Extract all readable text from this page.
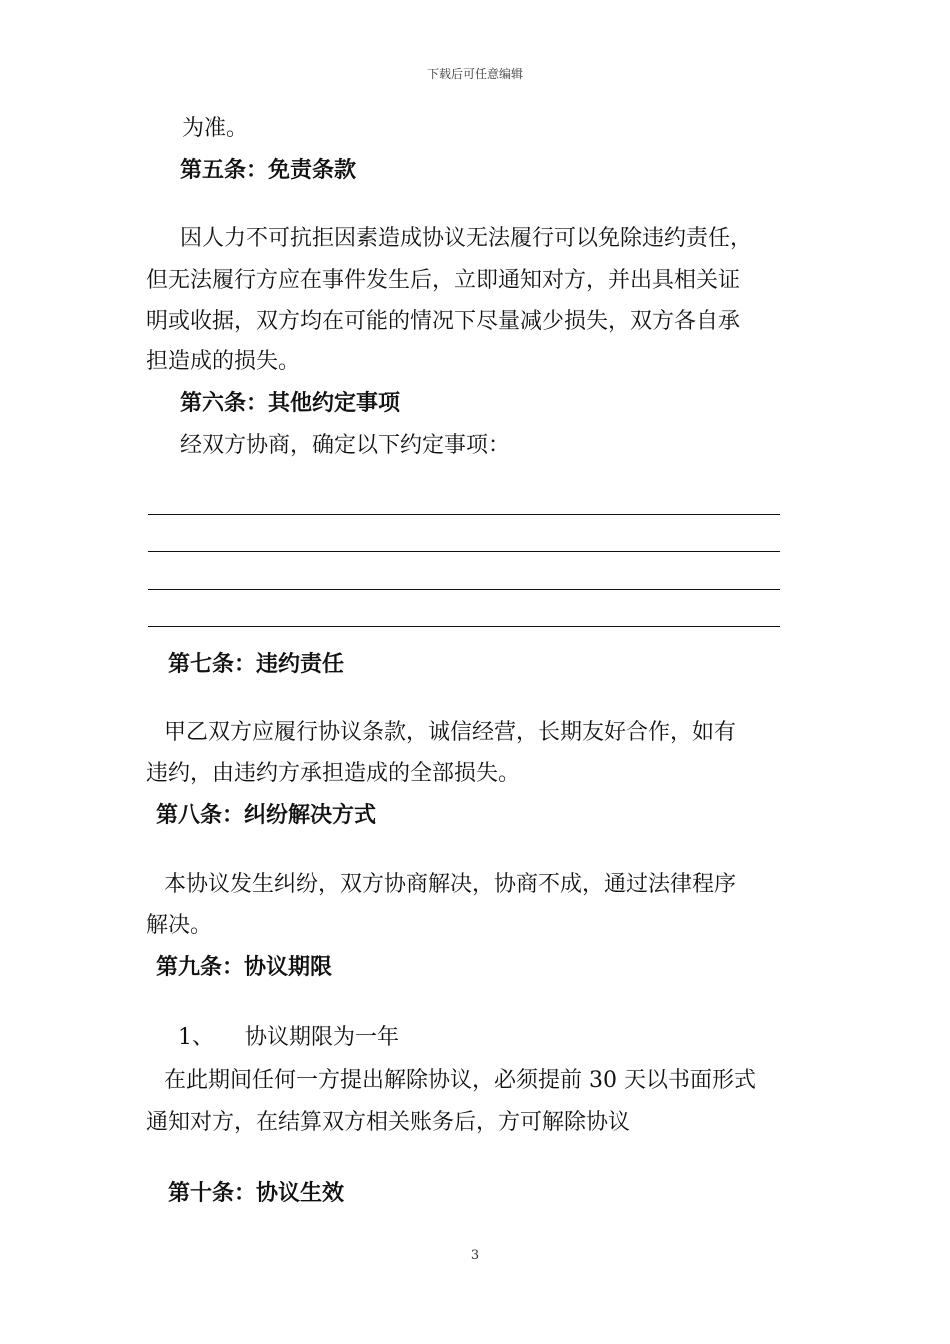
下载后可任意编辑
为准。
第五条：免责条款
因人力不可抗拒因素造成协议无法履行可以免除违约责任，
但无法履行方应在事件发生后，立即通知对方，并出具相关证
明或收据，双方均在可能的情况下尽量减少损失，双方各自承
担造成的损失。
第六条：其他约定事项
经双方协商，确定以下约定事项：
第七条：违约责任
甲乙双方应履行协议条款，诚信经营，长期友好合作，如有
违约，由违约方承担造成的全部损失。
第八条：纠纷解决方式
本协议发生纠纷，双方协商解决，协商不成，通过法律程序
解决。
第九条：协议期限
1、 协议期限为一年
在此期间任何一方提出解除协议，必须提前 30 天以书面形式
通知对方，在结算双方相关账务后，方可解除协议
第十条：协议生效
3
